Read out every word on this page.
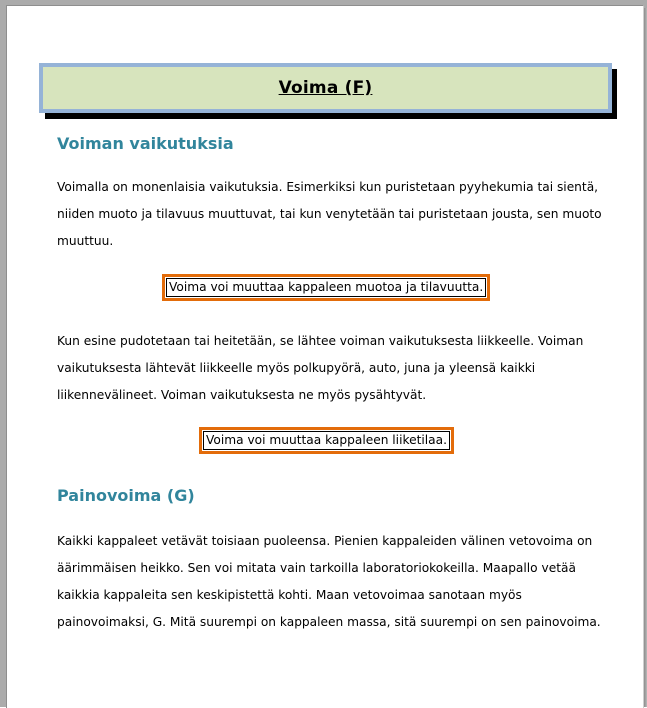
Voima (F)
Voiman vaikutuksia
Voimalla on monenlaisia vaikutuksia. Esimerkiksi kun puristetaan pyyhekumia tai sientä,
niiden muoto ja tilavuus muuttuvat, tai kun venytetään tai puristetaan jousta, sen muoto
muuttuu.
Voima voi muuttaa kappaleen muotoa ja tilavuutta.
Kun esine pudotetaan tai heitetään, se lähtee voiman vaikutuksesta liikkeelle. Voiman
vaikutuksesta lähtevät liikkeelle myös polkupyörä, auto, juna ja yleensä kaikki
liikennevälineet. Voiman vaikutuksesta ne myös pysähtyvät.
Voima voi muuttaa kappaleen liiketilaa.
Painovoima (G)
Kaikki kappaleet vetävät toisiaan puoleensa. Pienien kappaleiden välinen vetovoima on
äärimmäisen heikko. Sen voi mitata vain tarkoilla laboratoriokokeilla. Maapallo vetää
kaikkia kappaleita sen keskipistettä kohti. Maan vetovoimaa sanotaan myös
painovoimaksi, G. Mitä suurempi on kappaleen massa, sitä suurempi on sen painovoima.
